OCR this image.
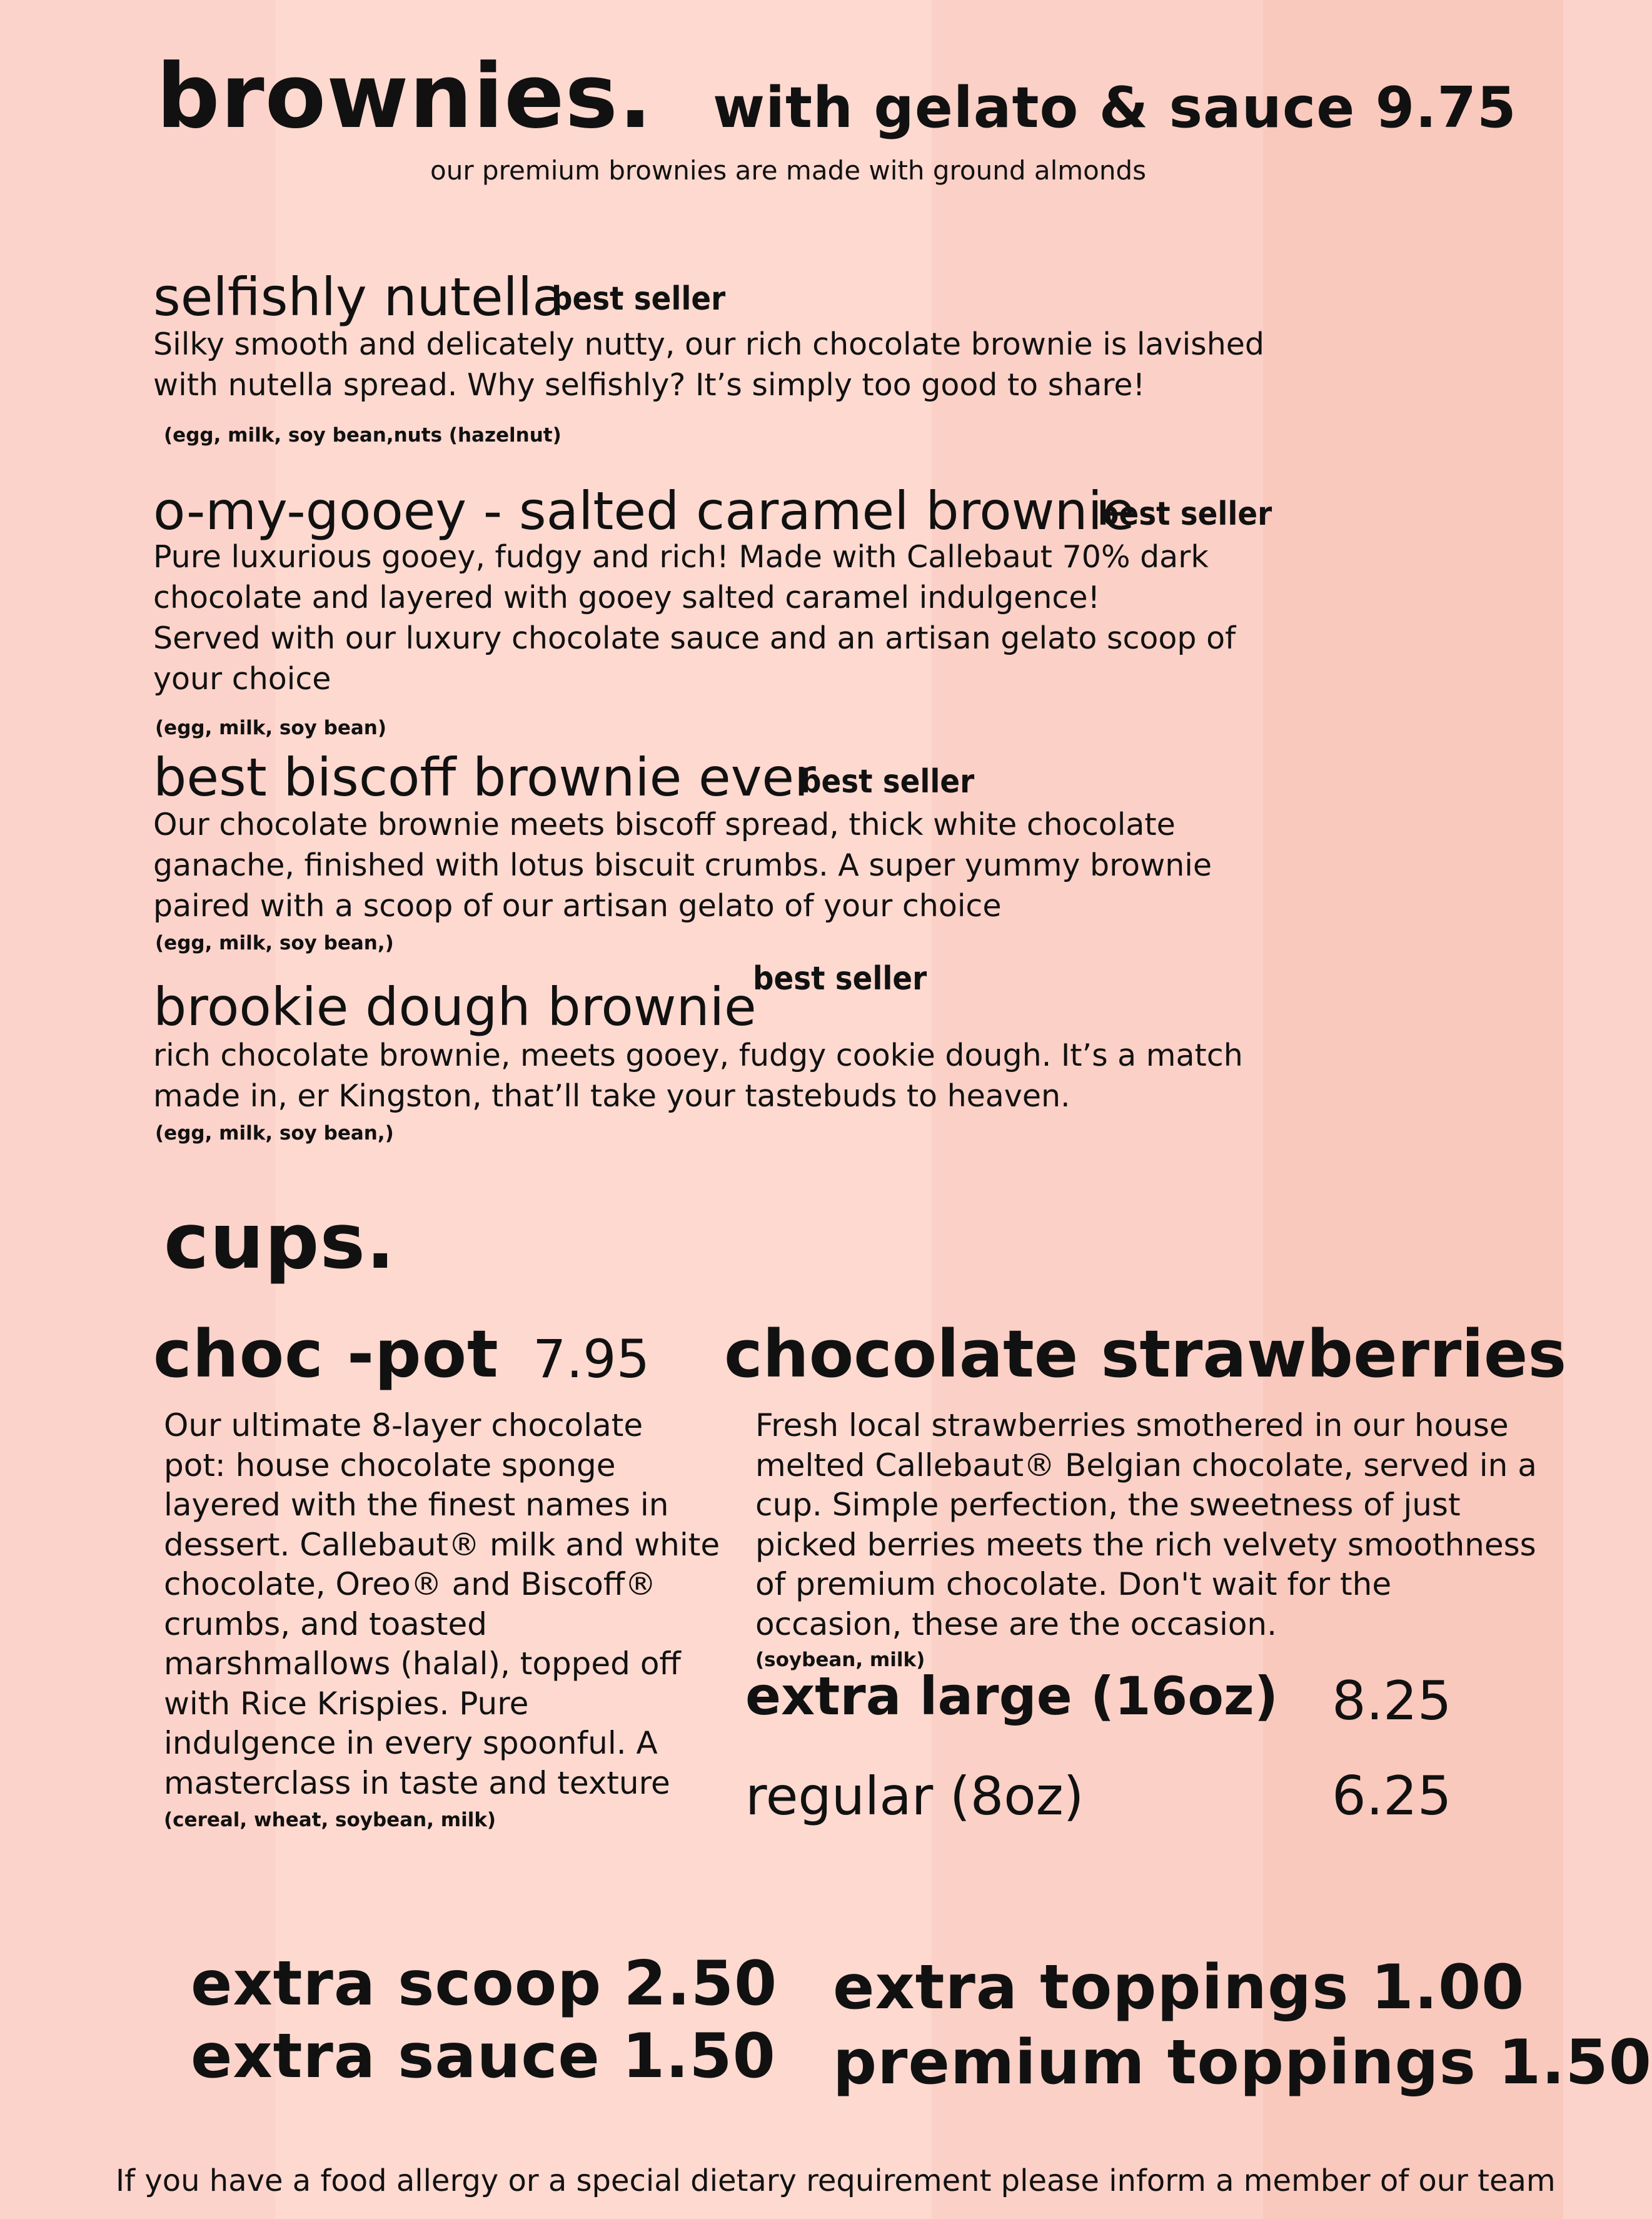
brownies. with gelato & sauce 9.75
our premium brownies are made with ground almonds
selfishly nutella
best seller
Silky smooth and delicately nutty, our rich chocolate brownie is lavished
with nutella spread. Why selfishly? It’s simply too good to share!
(egg, milk, soy bean,nuts (hazelnut)
o-my-gooey - salted caramel brownie
best seller
Pure luxurious gooey, fudgy and rich! Made with Callebaut 70% dark
chocolate and layered with gooey salted caramel indulgence!
Served with our luxury chocolate sauce and an artisan gelato scoop of
your choice
(egg, milk, soy bean)
best biscoff brownie ever
best seller
Our chocolate brownie meets biscoff spread, thick white chocolate
ganache, finished with lotus biscuit crumbs. A super yummy brownie
paired with a scoop of our artisan gelato of your choice
(egg, milk, soy bean,)
best seller
brookie dough brownie
rich chocolate brownie, meets gooey, fudgy cookie dough. It’s a match
made in, er Kingston, that’ll take your tastebuds to heaven.
(egg, milk, soy bean,)
cups.
choc -pot 7.95
Our ultimate 8-layer chocolate
pot: house chocolate sponge
layered with the finest names in
dessert. Callebaut® milk and white
chocolate, Oreo® and Biscoff®
crumbs, and toasted
marshmallows (halal), topped off
with Rice Krispies. Pure
indulgence in every spoonful. A
masterclass in taste and texture
(cereal, wheat, soybean, milk)
chocolate strawberries
Fresh local strawberries smothered in our house
melted Callebaut® Belgian chocolate, served in a
cup. Simple perfection, the sweetness of just
picked berries meets the rich velvety smoothness
of premium chocolate. Don't wait for the
occasion, these are the occasion.
(soybean, milk)
extra large (16oz) 8.25
regular (8oz)	6.25
extra scoop 2.50
extra sauce 1.50
extra toppings 1.00
premium toppings 1.50
If you have a food allergy or a special dietary requirement please inform a member of our team
